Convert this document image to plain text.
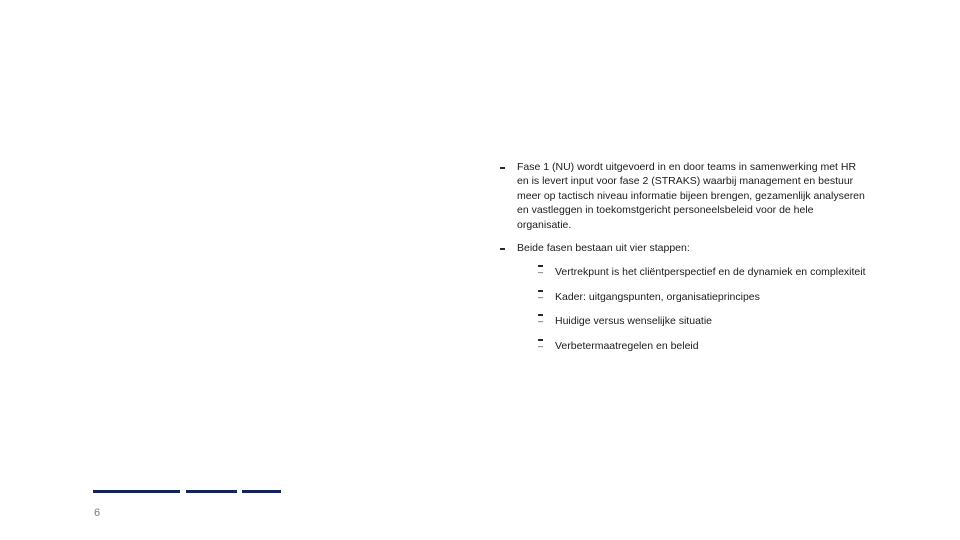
Fase 1 (NU) wordt uitgevoerd in en door teams in samenwerking met HR en is levert input voor fase 2 (STRAKS) waarbij management en bestuur meer op tactisch niveau informatie bijeen brengen, gezamenlijk analyseren en vastleggen in toekomstgericht personeelsbeleid voor de hele organisatie.
Beide fasen bestaan uit vier stappen:
– Vertrekpunt is het cliëntperspectief en de dynamiek en complexiteit
– Kader: uitgangspunten, organisatieprincipes
– Huidige versus wenselijke situatie
– Verbetermaatregelen en beleid
6
